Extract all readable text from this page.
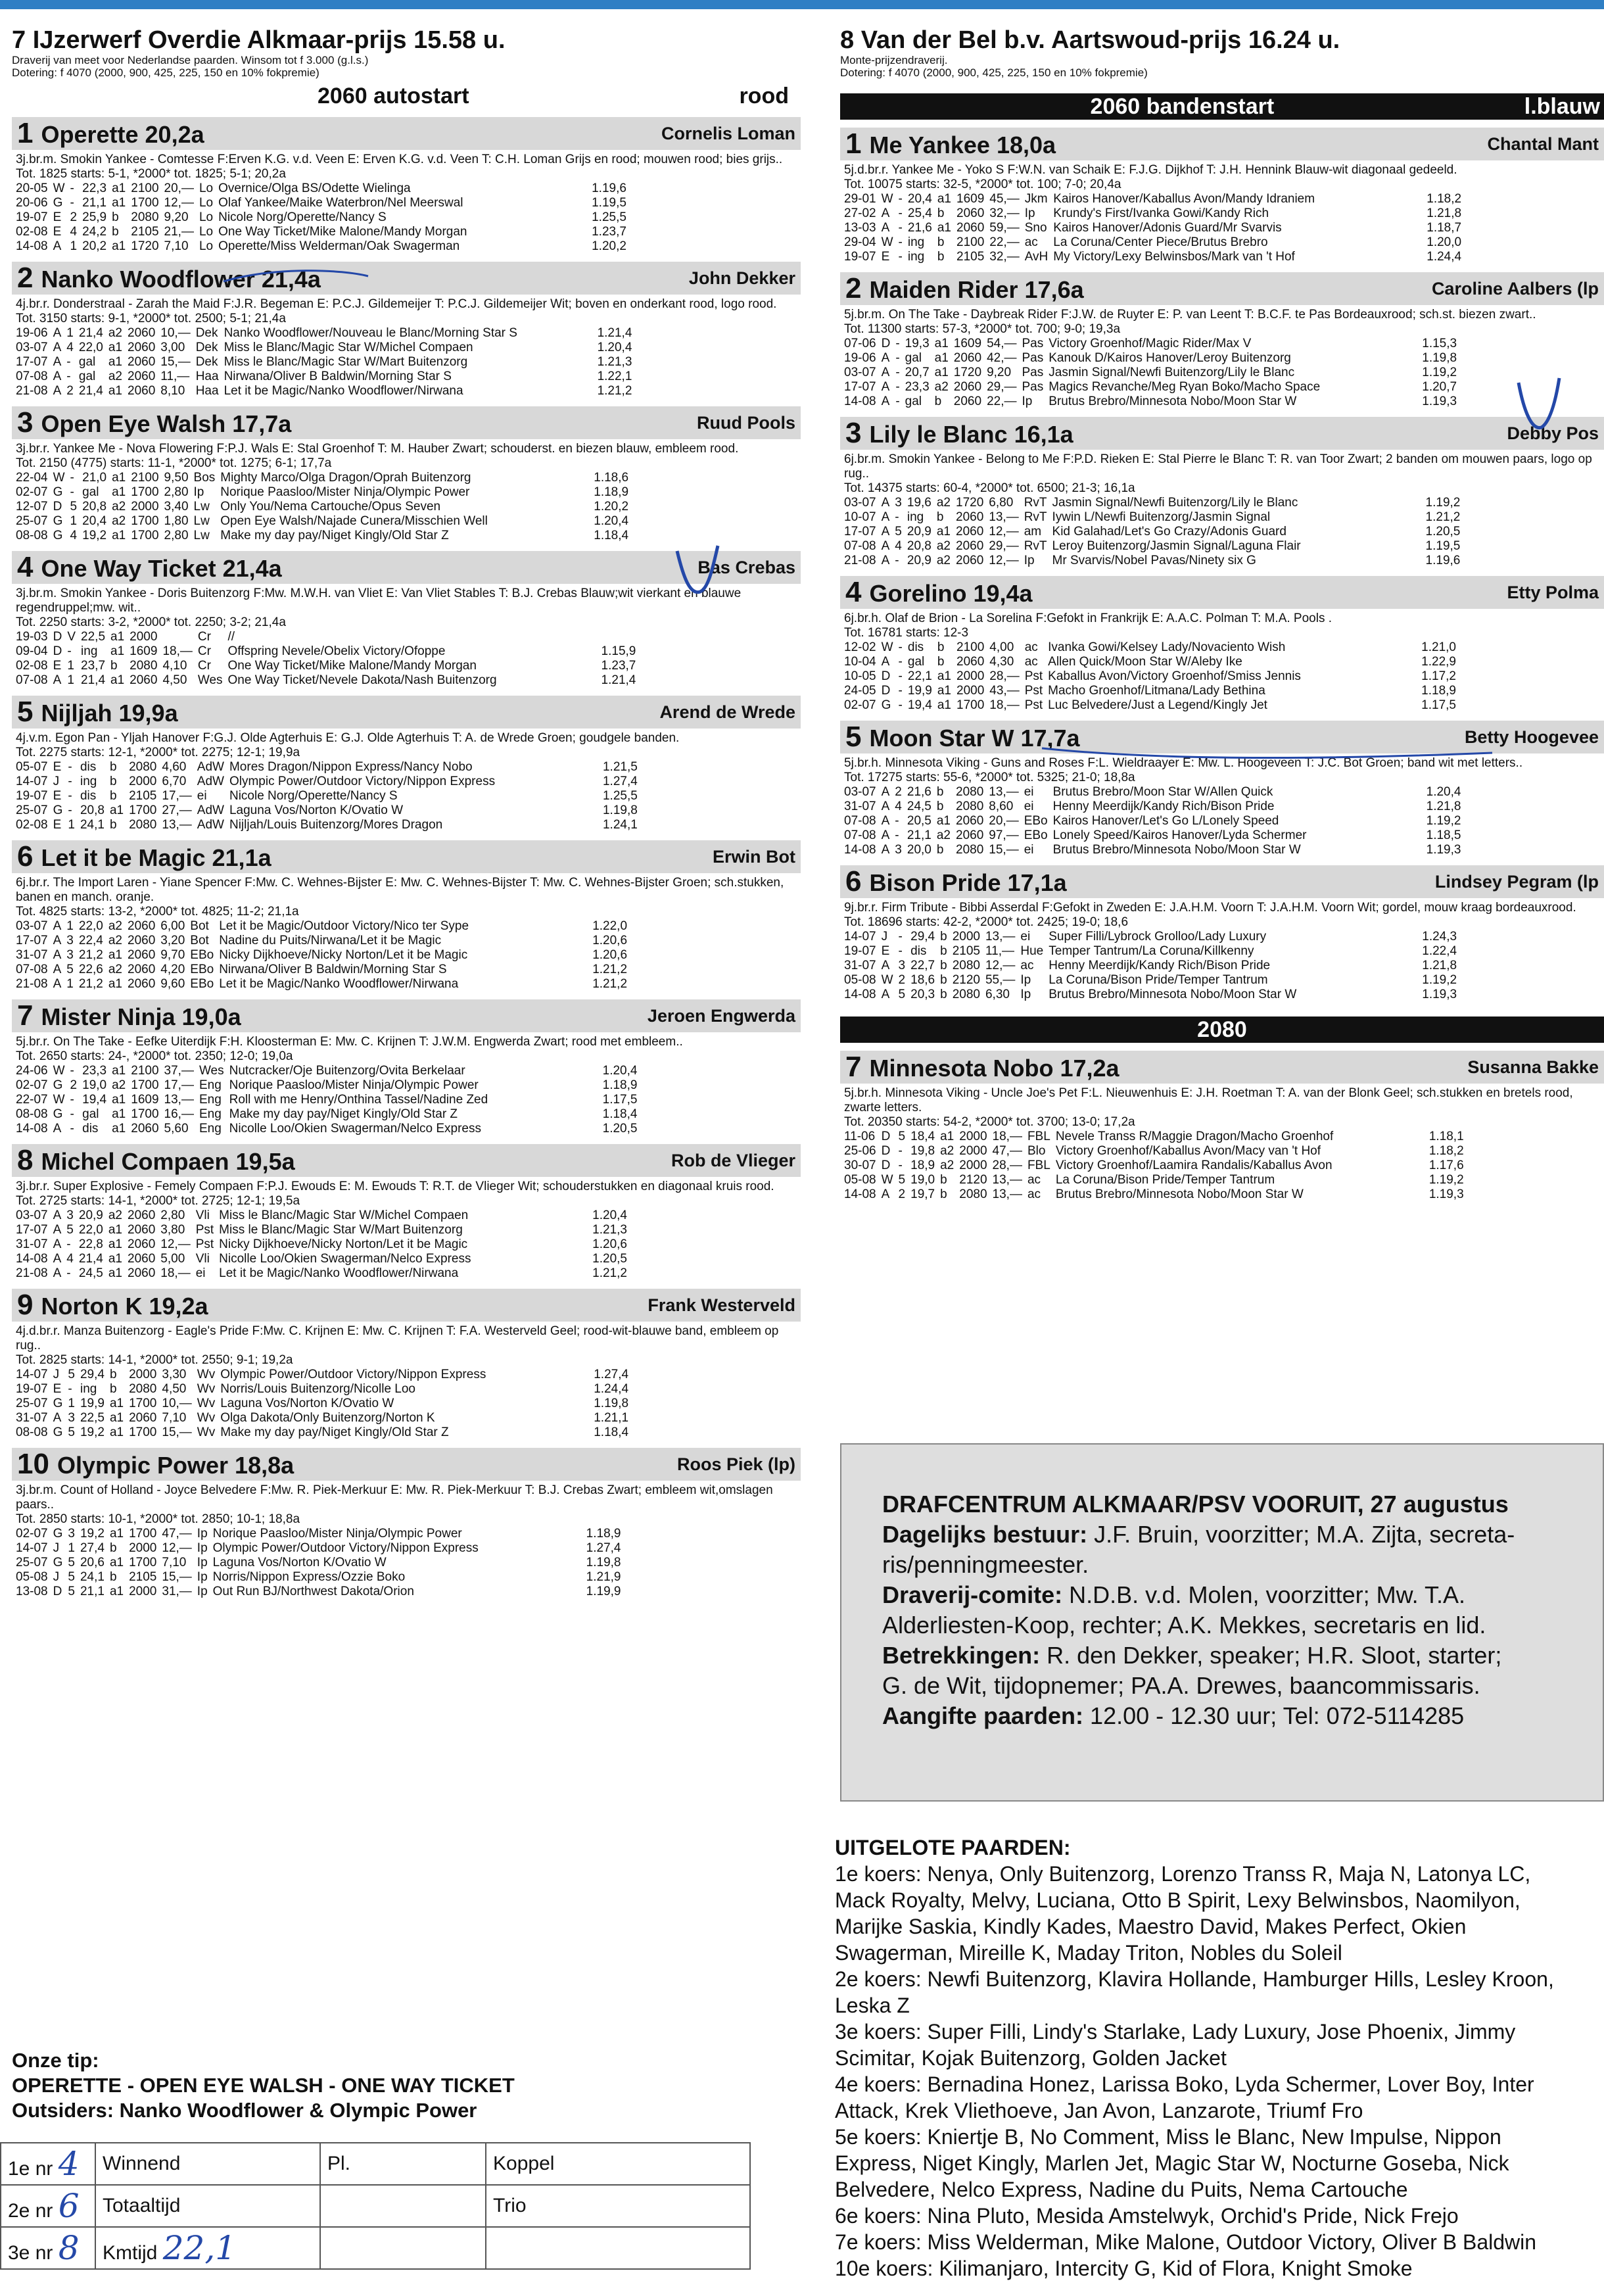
7 IJzerwerf Overdie Alkmaar-prijs 15.58 u.
Draverij van meet voor Nederlandse paarden. Winsom tot f 3.000 (g.l.s.)
Dotering: f 4070 (2000, 900, 425, 225, 150 en 10% fokpremie)
2060 autostart	rood
1 Operette 20,2a	Cornelis Loman
3j.br.m. Smokin Yankee - Comtesse F:Erven K.G. v.d. Veen E: Erven K.G. v.d. Veen T: C.H. Loman Grijs en rood; mouwen rood; bies grijs..
Tot. 1825 starts: 5-1, *2000* tot. 1825; 5-1; 20,2a
20-05	W	-	22,3	a1	2100	20,—	Lo	Overnice/Olga BS/Odette Wielinga	1.19,6
20-06	G	-	21,1	a1	1700	12,—	Lo	Olaf Yankee/Maike Waterbron/Nel Meerswal	1.19,5
19-07	E	2	25,9	b	2080	9,20	Lo	Nicole Norg/Operette/Nancy S	1.25,5
02-08	E	4	24,2	b	2105	21,—	Lo	One Way Ticket/Mike Malone/Mandy Morgan	1.23,7
14-08	A	1	20,2	a1	1720	7,10	Lo	Operette/Miss Welderman/Oak Swagerman	1.20,2
2 Nanko Woodflower 21,4a	John Dekker
4j.br.r. Donderstraal - Zarah the Maid F:J.R. Begeman E: P.C.J. Gildemeijer T: P.C.J. Gildemeijer Wit; boven en onderkant rood, logo rood.
Tot. 3150 starts: 9-1, *2000* tot. 2500; 5-1; 21,4a
19-06	A	1	21,4	a2	2060	10,—	Dek	Nanko Woodflower/Nouveau le Blanc/Morning Star S	1.21,4
03-07	A	4	22,0	a1	2060	3,00	Dek	Miss le Blanc/Magic Star W/Michel Compaen	1.20,4
17-07	A	-	gal	a1	2060	15,—	Dek	Miss le Blanc/Magic Star W/Mart Buitenzorg	1.21,3
07-08	A	-	gal	a2	2060	11,—	Haa	Nirwana/Oliver B Baldwin/Morning Star S	1.22,1
21-08	A	2	21,4	a1	2060	8,10	Haa	Let it be Magic/Nanko Woodflower/Nirwana	1.21,2
3 Open Eye Walsh 17,7a	Ruud Pools
3j.br.r. Yankee Me - Nova Flowering F:P.J. Wals E: Stal Groenhof T: M. Hauber Zwart; schouderst. en biezen blauw, embleem rood.
Tot. 2150 (4775) starts: 11-1, *2000* tot. 1275; 6-1; 17,7a
22-04	W	-	21,0	a1	2100	9,50	Bos	Mighty Marco/Olga Dragon/Oprah Buitenzorg	1.18,6
02-07	G	-	gal	a1	1700	2,80	Ip	Norique Paasloo/Mister Ninja/Olympic Power	1.18,9
12-07	D	5	20,8	a2	2000	3,40	Lw	Only You/Nema Cartouche/Opus Seven	1.20,2
25-07	G	1	20,4	a2	1700	1,80	Lw	Open Eye Walsh/Najade Cunera/Misschien Well	1.20,4
08-08	G	4	19,2	a1	1700	2,80	Lw	Make my day pay/Niget Kingly/Old Star Z	1.18,4
4 One Way Ticket 21,4a	Bas Crebas
3j.br.m. Smokin Yankee - Doris Buitenzorg F:Mw. M.W.H. van Vliet E: Van Vliet Stables T: B.J. Crebas Blauw;wit vierkant en blauwe regendruppel;mw. wit..
Tot. 2250 starts: 3-2, *2000* tot. 2250; 3-2; 21,4a
19-03	D	V	22,5	a1	2000		Cr	//	
09-04	D	-	ing	a1	1609	18,—	Cr	Offspring Nevele/Obelix Victory/Ofoppe	1.15,9
02-08	E	1	23,7	b	2080	4,10	Cr	One Way Ticket/Mike Malone/Mandy Morgan	1.23,7
07-08	A	1	21,4	a1	2060	4,50	Wes	One Way Ticket/Nevele Dakota/Nash Buitenzorg	1.21,4
5 Nijljah 19,9a	Arend de Wrede
4j.v.m. Egon Pan - Yljah Hanover F:G.J. Olde Agterhuis E: G.J. Olde Agterhuis T: A. de Wrede Groen; goudgele banden.
Tot. 2275 starts: 12-1, *2000* tot. 2275; 12-1; 19,9a
05-07	E	-	dis	b	2080	4,60	AdW	Mores Dragon/Nippon Express/Nancy Nobo	1.21,5
14-07	J	-	ing	b	2000	6,70	AdW	Olympic Power/Outdoor Victory/Nippon Express	1.27,4
19-07	E	-	dis	b	2105	17,—	ei	Nicole Norg/Operette/Nancy S	1.25,5
25-07	G	-	20,8	a1	1700	27,—	AdW	Laguna Vos/Norton K/Ovatio W	1.19,8
02-08	E	1	24,1	b	2080	13,—	AdW	Nijljah/Louis Buitenzorg/Mores Dragon	1.24,1
6 Let it be Magic 21,1a	Erwin Bot
6j.br.r. The Import Laren - Yiane Spencer F:Mw. C. Wehnes-Bijster E: Mw. C. Wehnes-Bijster T: Mw. C. Wehnes-Bijster Groen; sch.stukken, banen en manch. oranje.
Tot. 4825 starts: 13-2, *2000* tot. 4825; 11-2; 21,1a
03-07	A	1	22,0	a2	2060	6,00	Bot	Let it be Magic/Outdoor Victory/Nico ter Sype	1.22,0
17-07	A	3	22,4	a2	2060	3,20	Bot	Nadine du Puits/Nirwana/Let it be Magic	1.20,6
31-07	A	3	21,2	a1	2060	9,70	EBo	Nicky Dijkhoeve/Nicky Norton/Let it be Magic	1.20,6
07-08	A	5	22,6	a2	2060	4,20	EBo	Nirwana/Oliver B Baldwin/Morning Star S	1.21,2
21-08	A	1	21,2	a1	2060	9,60	EBo	Let it be Magic/Nanko Woodflower/Nirwana	1.21,2
7 Mister Ninja 19,0a	Jeroen Engwerda
5j.br.r. On The Take - Eefke Uiterdijk F:H. Kloosterman E: Mw. C. Krijnen T: J.W.M. Engwerda Zwart; rood met embleem..
Tot. 2650 starts: 24-, *2000* tot. 2350; 12-0; 19,0a
24-06	W	-	23,3	a1	2100	37,—	Wes	Nutcracker/Oje Buitenzorg/Ovita Berkelaar	1.20,4
02-07	G	2	19,0	a2	1700	17,—	Eng	Norique Paasloo/Mister Ninja/Olympic Power	1.18,9
22-07	W	-	19,4	a1	1609	13,—	Eng	Roll with me Henry/Onthina Tassel/Nadine Zed	1.17,5
08-08	G	-	gal	a1	1700	16,—	Eng	Make my day pay/Niget Kingly/Old Star Z	1.18,4
14-08	A	-	dis	a1	2060	5,60	Eng	Nicolle Loo/Okien Swagerman/Nelco Express	1.20,5
8 Michel Compaen 19,5a	Rob de Vlieger
3j.br.r. Super Explosive - Femely Compaen F:P.J. Ewouds E: M. Ewouds T: R.T. de Vlieger Wit; schouderstukken en diagonaal kruis rood.
Tot. 2725 starts: 14-1, *2000* tot. 2725; 12-1; 19,5a
03-07	A	3	20,9	a2	2060	2,80	Vli	Miss le Blanc/Magic Star W/Michel Compaen	1.20,4
17-07	A	5	22,0	a1	2060	3,80	Pst	Miss le Blanc/Magic Star W/Mart Buitenzorg	1.21,3
31-07	A	-	22,8	a1	2060	12,—	Pst	Nicky Dijkhoeve/Nicky Norton/Let it be Magic	1.20,6
14-08	A	4	21,4	a1	2060	5,00	Vli	Nicolle Loo/Okien Swagerman/Nelco Express	1.20,5
21-08	A	-	24,5	a1	2060	18,—	ei	Let it be Magic/Nanko Woodflower/Nirwana	1.21,2
9 Norton K 19,2a	Frank Westerveld
4j.d.br.r. Manza Buitenzorg - Eagle's Pride F:Mw. C. Krijnen E: Mw. C. Krijnen T: F.A. Westerveld Geel; rood-wit-blauwe band, embleem op rug..
Tot. 2825 starts: 14-1, *2000* tot. 2550; 9-1; 19,2a
14-07	J	5	29,4	b	2000	3,30	Wv	Olympic Power/Outdoor Victory/Nippon Express	1.27,4
19-07	E	-	ing	b	2080	4,50	Wv	Norris/Louis Buitenzorg/Nicolle Loo	1.24,4
25-07	G	1	19,9	a1	1700	10,—	Wv	Laguna Vos/Norton K/Ovatio W	1.19,8
31-07	A	3	22,5	a1	2060	7,10	Wv	Olga Dakota/Only Buitenzorg/Norton K	1.21,1
08-08	G	5	19,2	a1	1700	15,—	Wv	Make my day pay/Niget Kingly/Old Star Z	1.18,4
10 Olympic Power 18,8a	Roos Piek (lp)
3j.br.m. Count of Holland - Joyce Belvedere F:Mw. R. Piek-Merkuur E: Mw. R. Piek-Merkuur T: B.J. Crebas Zwart; embleem wit,omslagen paars..
Tot. 2850 starts: 10-1, *2000* tot. 2850; 10-1; 18,8a
02-07	G	3	19,2	a1	1700	47,—	Ip	Norique Paasloo/Mister Ninja/Olympic Power	1.18,9
14-07	J	1	27,4	b	2000	12,—	Ip	Olympic Power/Outdoor Victory/Nippon Express	1.27,4
25-07	G	5	20,6	a1	1700	7,10	Ip	Laguna Vos/Norton K/Ovatio W	1.19,8
05-08	J	5	24,1	b	2105	15,—	Ip	Norris/Nippon Express/Ozzie Boko	1.21,9
13-08	D	5	21,1	a1	2000	31,—	Ip	Out Run BJ/Northwest Dakota/Orion	1.19,9
8 Van der Bel b.v. Aartswoud-prijs 16.24 u.
Monte-prijzendraverij.
Dotering: f 4070 (2000, 900, 425, 225, 150 en 10% fokpremie)
2060 bandenstart	l.blauw
1 Me Yankee 18,0a	Chantal Mant
5j.d.br.r. Yankee Me - Yoko S F:W.N. van Schaik E: F.J.G. Dijkhof T: J.H. Hennink Blauw-wit diagonaal gedeeld.
Tot. 10075 starts: 32-5, *2000* tot. 100; 7-0; 20,4a
29-01	W	-	20,4	a1	1609	45,—	Jkm	Kairos Hanover/Kaballus Avon/Mandy Idraniem	1.18,2
27-02	A	-	25,4	b	2060	32,—	Ip	Krundy's First/Ivanka Gowi/Kandy Rich	1.21,8
13-03	A	-	21,6	a1	2060	59,—	Sno	Kairos Hanover/Adonis Guard/Mr Svarvis	1.18,7
29-04	W	-	ing	b	2100	22,—	ac	La Coruna/Center Piece/Brutus Brebro	1.20,0
19-07	E	-	ing	b	2105	32,—	AvH	My Victory/Lexy Belwinsbos/Mark van 't Hof	1.24,4
2 Maiden Rider 17,6a	Caroline Aalbers (lp
5j.br.m. On The Take - Daybreak Rider F:J.W. de Ruyter E: P. van Leent T: B.C.F. te Pas Bordeauxrood; sch.st. biezen zwart..
Tot. 11300 starts: 57-3, *2000* tot. 700; 9-0; 19,3a
07-06	D	-	19,3	a1	1609	54,—	Pas	Victory Groenhof/Magic Rider/Max V	1.15,3
19-06	A	-	gal	a1	2060	42,—	Pas	Kanouk D/Kairos Hanover/Leroy Buitenzorg	1.19,8
03-07	A	-	20,7	a1	1720	9,20	Pas	Jasmin Signal/Newfi Buitenzorg/Lily le Blanc	1.19,2
17-07	A	-	23,3	a2	2060	29,—	Pas	Magics Revanche/Meg Ryan Boko/Macho Space	1.20,7
14-08	A	-	gal	b	2060	22,—	Ip	Brutus Brebro/Minnesota Nobo/Moon Star W	1.19,3
3 Lily le Blanc 16,1a	Debby Pos
6j.br.m. Smokin Yankee - Belong to Me F:P.D. Rieken E: Stal Pierre le Blanc T: R. van Toor Zwart; 2 banden om mouwen paars, logo op rug..
Tot. 14375 starts: 60-4, *2000* tot. 6500; 21-3; 16,1a
03-07	A	3	19,6	a2	1720	6,80	RvT	Jasmin Signal/Newfi Buitenzorg/Lily le Blanc	1.19,2
10-07	A	-	ing	b	2060	13,—	RvT	Iywin L/Newfi Buitenzorg/Jasmin Signal	1.21,2
17-07	A	5	20,9	a1	2060	12,—	am	Kid Galahad/Let's Go Crazy/Adonis Guard	1.20,5
07-08	A	4	20,8	a2	2060	29,—	RvT	Leroy Buitenzorg/Jasmin Signal/Laguna Flair	1.19,5
21-08	A	-	20,9	a2	2060	12,—	Ip	Mr Svarvis/Nobel Pavas/Ninety six G	1.19,6
4 Gorelino 19,4a	Etty Polma
6j.br.h. Olaf de Brion - La Sorelina F:Gefokt in Frankrijk E: A.A.C. Polman T: M.A. Pools .
Tot. 16781 starts: 12-3
12-02	W	-	dis	b	2100	4,00	ac	Ivanka Gowi/Kelsey Lady/Novaciento Wish	1.21,0
10-04	A	-	gal	b	2060	4,30	ac	Allen Quick/Moon Star W/Aleby Ike	1.22,9
10-05	D	-	22,1	a1	2000	28,—	Pst	Kaballus Avon/Victory Groenhof/Smiss Jennis	1.17,2
24-05	D	-	19,9	a1	2000	43,—	Pst	Macho Groenhof/Litmana/Lady Bethina	1.18,9
02-07	G	-	19,4	a1	1700	18,—	Pst	Luc Belvedere/Just a Legend/Kingly Jet	1.17,5
5 Moon Star W 17,7a	Betty Hoogevee
5j.br.h. Minnesota Viking - Guns and Roses F:L. Wieldraayer E: Mw. L. Hoogeveen T: J.C. Bot Groen; band wit met letters..
Tot. 17275 starts: 55-6, *2000* tot. 5325; 21-0; 18,8a
03-07	A	2	21,6	b	2080	13,—	ei	Brutus Brebro/Moon Star W/Allen Quick	1.20,4
31-07	A	4	24,5	b	2080	8,60	ei	Henny Meerdijk/Kandy Rich/Bison Pride	1.21,8
07-08	A	-	20,5	a1	2060	20,—	EBo	Kairos Hanover/Let's Go L/Lonely Speed	1.19,2
07-08	A	-	21,1	a2	2060	97,—	EBo	Lonely Speed/Kairos Hanover/Lyda Schermer	1.18,5
14-08	A	3	20,0	b	2080	15,—	ei	Brutus Brebro/Minnesota Nobo/Moon Star W	1.19,3
6 Bison Pride 17,1a	Lindsey Pegram (lp
9j.br.r. Firm Tribute - Bibbi Asserdal F:Gefokt in Zweden E: J.A.H.M. Voorn T: J.A.H.M. Voorn Wit; gordel, mouw kraag bordeauxrood.
Tot. 18696 starts: 42-2, *2000* tot. 2425; 19-0; 18,6
14-07	J	-	29,4	b	2000	13,—	ei	Super Filli/Lybrock Grolloo/Lady Luxury	1.24,3
19-07	E	-	dis	b	2105	11,—	Hue	Temper Tantrum/La Coruna/Killkenny	1.22,4
31-07	A	3	22,7	b	2080	12,—	ac	Henny Meerdijk/Kandy Rich/Bison Pride	1.21,8
05-08	W	2	18,6	b	2120	55,—	Ip	La Coruna/Bison Pride/Temper Tantrum	1.19,2
14-08	A	5	20,3	b	2080	6,30	Ip	Brutus Brebro/Minnesota Nobo/Moon Star W	1.19,3
2080
7 Minnesota Nobo 17,2a	Susanna Bakke
5j.br.h. Minnesota Viking - Uncle Joe's Pet F:L. Nieuwenhuis E: J.H. Roetman T: A. van der Blonk Geel; sch.stukken en bretels rood, zwarte letters.
Tot. 20350 starts: 54-2, *2000* tot. 3700; 13-0; 17,2a
11-06	D	5	18,4	a1	2000	18,—	FBL	Nevele Transs R/Maggie Dragon/Macho Groenhof	1.18,1
25-06	D	-	19,8	a2	2000	47,—	Blo	Victory Groenhof/Kaballus Avon/Macy van 't Hof	1.18,2
30-07	D	-	18,9	a2	2000	28,—	FBL	Victory Groenhof/Laamira Randalis/Kaballus Avon	1.17,6
05-08	W	5	19,0	b	2120	13,—	ac	La Coruna/Bison Pride/Temper Tantrum	1.19,2
14-08	A	2	19,7	b	2080	13,—	ac	Brutus Brebro/Minnesota Nobo/Moon Star W	1.19,3
DRAFCENTRUM ALKMAAR/PSV VOORUIT, 27 augustus
Dagelijks bestuur: J.F. Bruin, voorzitter; M.A. Zijta, secreta-
ris/penningmeester.
Draverij-comite: N.D.B. v.d. Molen, voorzitter; Mw. T.A.
Alderliesten-Koop, rechter; A.K. Mekkes, secretaris en lid.
Betrekkingen: R. den Dekker, speaker; H.R. Sloot, starter;
G. de Wit, tijdopnemer; PA.A. Drewes, baancommissaris.
Aangifte paarden: 12.00 - 12.30 uur; Tel: 072-5114285
UITGELOTE PAARDEN:
1e koers: Nenya, Only Buitenzorg, Lorenzo Transs R, Maja N, Latonya LC,
Mack Royalty, Melvy, Luciana, Otto B Spirit, Lexy Belwinsbos, Naomilyon,
Marijke Saskia, Kindly Kades, Maestro David, Makes Perfect, Okien
Swagerman, Mireille K, Maday Triton, Nobles du Soleil
2e koers: Newfi Buitenzorg, Klavira Hollande, Hamburger Hills, Lesley Kroon,
Leska Z
3e koers: Super Filli, Lindy's Starlake, Lady Luxury, Jose Phoenix, Jimmy
Scimitar, Kojak Buitenzorg, Golden Jacket
4e koers: Bernadina Honez, Larissa Boko, Lyda Schermer, Lover Boy, Inter
Attack, Krek Vliethoeve, Jan Avon, Lanzarote, Triumf Fro
5e koers: Kniertje B, No Comment, Miss le Blanc, New Impulse, Nippon
Express, Niget Kingly, Marlen Jet, Magic Star W, Nocturne Goseba, Nick
Belvedere, Nelco Express, Nadine du Puits, Nema Cartouche
6e koers: Nina Pluto, Mesida Amstelwyk, Orchid's Pride, Nick Frejo
7e koers: Miss Welderman, Mike Malone, Outdoor Victory, Oliver B Baldwin
10e koers: Kilimanjaro, Intercity G, Kid of Flora, Knight Smoke
Onze tip:
OPERETTE - OPEN EYE WALSH - ONE WAY TICKET
Outsiders: Nanko Woodflower & Olympic Power
1e nr 4	Winnend	Pl.	Koppel
2e nr 6	Totaaltijd		Trio
3e nr 8	Kmtijd 22,1		
